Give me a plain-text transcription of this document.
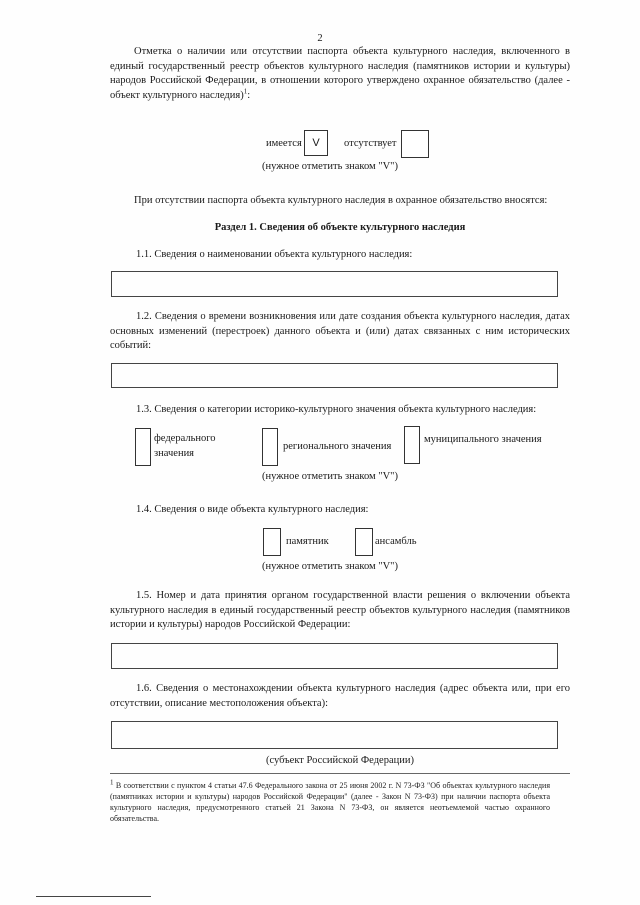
2
Отметка о наличии или отсутствии паспорта объекта культурного наследия, включенного в единый государственный реестр объектов культурного наследия (памятников истории и культуры) народов Российской Федерации, в отношении которого утверждено охранное обязательство (далее - объект культурного наследия)$^1$:
имеется V	отсутствует
(нужное отметить знаком "V")
При отсутствии паспорта объекта культурного наследия в охранное обязательство вносятся:
Раздел 1. Сведения об объекте культурного наследия
1.1. Сведения о наименовании объекта культурного наследия:
1.2. Сведения о времени возникновения или дате создания объекта культурного наследия, датах основных изменений (перестроек) данного объекта и (или) датах связанных с ним исторических событий:
1.3. Сведения о категории историко-культурного значения объекта культурного наследия:
федерального значения
регионального значения
муниципального значения
(нужное отметить знаком "V")
1.4. Сведения о виде объекта культурного наследия:
памятник	ансамбль
(нужное отметить знаком "V")
1.5. Номер и дата принятия органом государственной власти решения о включении объекта культурного наследия в единый государственный реестр объектов культурного наследия (памятников истории и культуры) народов Российской Федерации:
1.6. Сведения о местонахождении объекта культурного наследия (адрес объекта или, при его отсутствии, описание местоположения объекта):
(субъект Российской Федерации)
$^1$ В соответствии с пунктом 4 статьи 47.6 Федерального закона от 25 июня 2002 г. N 73-ФЗ "Об объектах культурного наследия (памятниках истории и культуры) народов Российской Федерации" (далее - Закон N 73-ФЗ) при наличии паспорта объекта культурного наследия, предусмотренного статьей 21 Закона N 73-ФЗ, он является неотъемлемой частью охранного обязательства.
